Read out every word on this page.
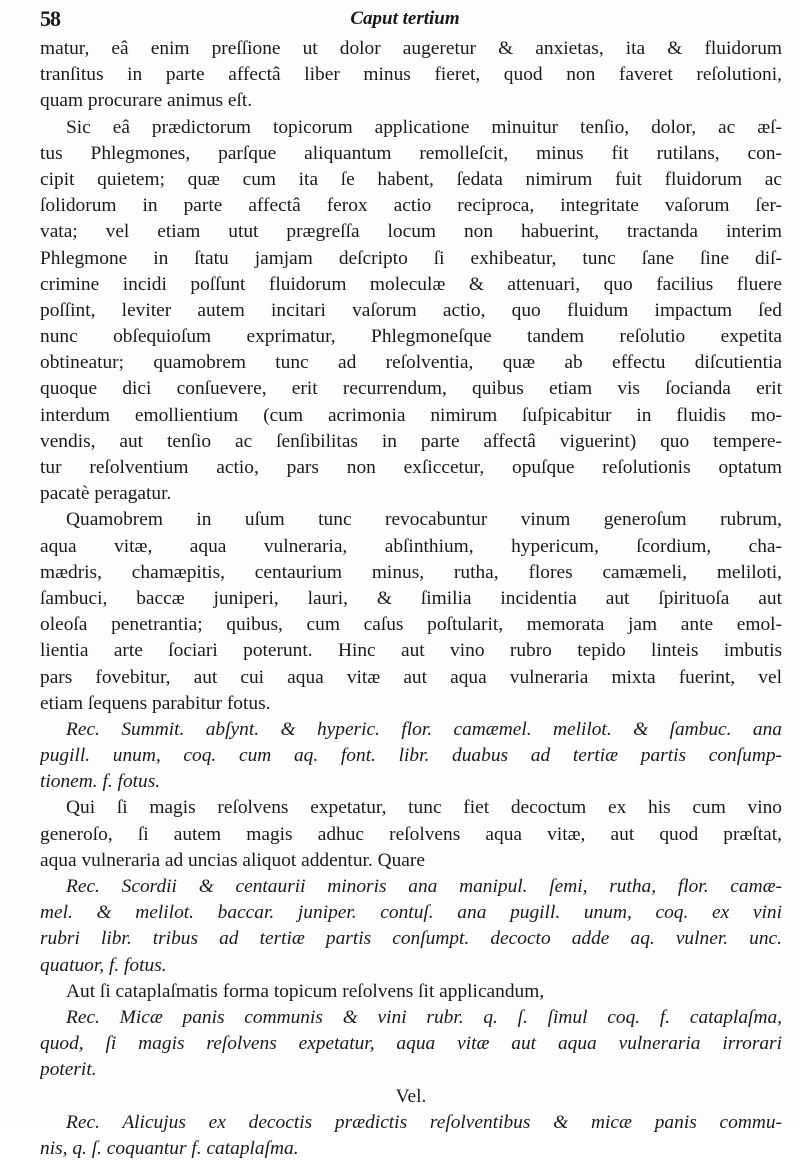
58	Caput tertium
matur, eâ enim preſſione ut dolor augeretur & anxietas, ita & fluidorum
tranſitus in parte affectâ liber minus fieret, quod non faveret reſolutioni,
quam procurare animus eſt.
Sic eâ prædictorum topicorum applicatione minuitur tenſio, dolor, ac æſ-
tus Phlegmones, parſque aliquantum remolleſcit, minus fit rutilans, con-
cipit quietem; quæ cum ita ſe habent, ſedata nimirum fuit fluidorum ac
ſolidorum in parte affectâ ferox actio reciproca, integritate vaſorum ſer-
vata; vel etiam utut prægreſſa locum non habuerint, tractanda interim
Phlegmone in ſtatu jamjam deſcripto ſi exhibeatur, tunc ſane ſine diſ-
crimine incidi poſſunt fluidorum moleculæ & attenuari, quo facilius fluere
poſſint, leviter autem incitari vaſorum actio, quo fluidum impactum ſed
nunc obſequioſum exprimatur, Phlegmoneſque tandem reſolutio expetita
obtineatur; quamobrem tunc ad reſolventia, quæ ab effectu diſcutientia
quoque dici conſuevere, erit recurrendum, quibus etiam vis ſocianda erit
interdum emollientium (cum acrimonia nimirum ſuſpicabitur in fluidis mo-
vendis, aut tenſio ac ſenſibilitas in parte affectâ viguerint) quo tempere-
tur reſolventium actio, pars non exſiccetur, opuſque reſolutionis optatum
pacatè peragatur.
Quamobrem in uſum tunc revocabuntur vinum generoſum rubrum,
aqua vitæ, aqua vulneraria, abſinthium, hypericum, ſcordium, cha-
mædris, chamæpitis, centaurium minus, rutha, flores camæmeli, meliloti,
ſambuci, baccæ juniperi, lauri, & ſimilia incidentia aut ſpirituoſa aut
oleoſa penetrantia; quibus, cum caſus poſtularit, memorata jam ante emol-
lientia arte ſociari poterunt. Hinc aut vino rubro tepido linteis imbutis
pars fovebitur, aut cui aqua vitæ aut aqua vulneraria mixta fuerint, vel
etiam ſequens parabitur fotus.
Rec. Summit. abſynt. & hyperic. flor. camæmel. melilot. & ſambuc. ana
pugill. unum, coq. cum aq. font. libr. duabus ad tertiæ partis conſump-
tionem. f. fotus.
Qui ſi magis reſolvens expetatur, tunc fiet decoctum ex his cum vino
generoſo, ſi autem magis adhuc reſolvens aqua vitæ, aut quod præſtat,
aqua vulneraria ad uncias aliquot addentur. Quare
Rec. Scordii & centaurii minoris ana manipul. ſemi, rutha, flor. camæ-
mel. & melilot. baccar. juniper. contuſ. ana pugill. unum, coq. ex vini
rubri libr. tribus ad tertiæ partis conſumpt. decocto adde aq. vulner. unc.
quatuor, f. fotus.
Aut ſi cataplaſmatis forma topicum reſolvens ſit applicandum,
Rec. Micæ panis communis & vini rubr. q. ſ. ſimul coq. f. cataplaſma,
quod, ſi magis reſolvens expetatur, aqua vitæ aut aqua vulneraria irrorari
poterit.
Vel.
Rec. Alicujus ex decoctis prædictis reſolventibus & micæ panis commu-
nis, q. ſ. coquantur f. cataplaſma.
